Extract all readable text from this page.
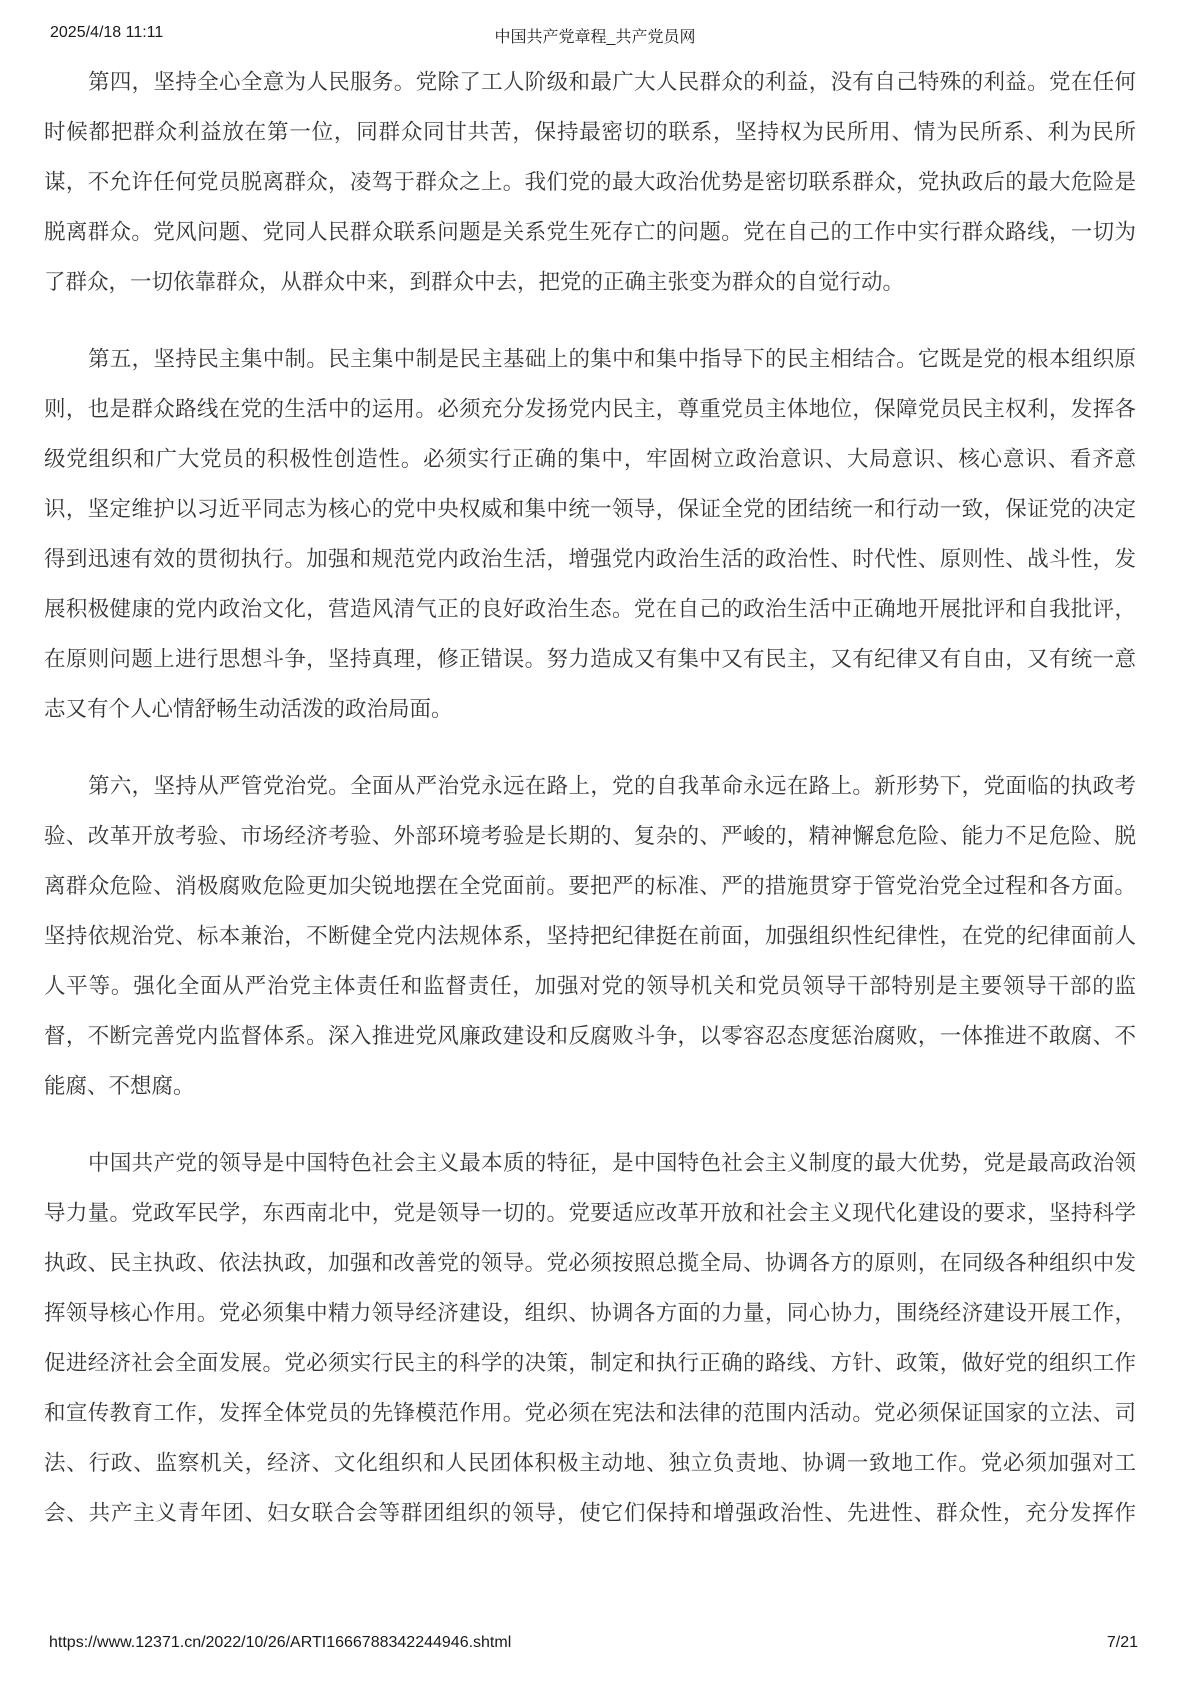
2025/4/18 11:11	中国共产党章程_共产党员网
第四，坚持全心全意为人民服务。党除了工人阶级和最广大人民群众的利益，没有自己特殊的利益。党在任何
时候都把群众利益放在第一位，同群众同甘共苦，保持最密切的联系，坚持权为民所用、情为民所系、利为民所
谋，不允许任何党员脱离群众，凌驾于群众之上。我们党的最大政治优势是密切联系群众，党执政后的最大危险是
脱离群众。党风问题、党同人民群众联系问题是关系党生死存亡的问题。党在自己的工作中实行群众路线，一切为
了群众，一切依靠群众，从群众中来，到群众中去，把党的正确主张变为群众的自觉行动。
第五，坚持民主集中制。民主集中制是民主基础上的集中和集中指导下的民主相结合。它既是党的根本组织原
则，也是群众路线在党的生活中的运用。必须充分发扬党内民主，尊重党员主体地位，保障党员民主权利，发挥各
级党组织和广大党员的积极性创造性。必须实行正确的集中，牢固树立政治意识、大局意识、核心意识、看齐意
识，坚定维护以习近平同志为核心的党中央权威和集中统一领导，保证全党的团结统一和行动一致，保证党的决定
得到迅速有效的贯彻执行。加强和规范党内政治生活，增强党内政治生活的政治性、时代性、原则性、战斗性，发
展积极健康的党内政治文化，营造风清气正的良好政治生态。党在自己的政治生活中正确地开展批评和自我批评，
在原则问题上进行思想斗争，坚持真理，修正错误。努力造成又有集中又有民主，又有纪律又有自由，又有统一意
志又有个人心情舒畅生动活泼的政治局面。
第六，坚持从严管党治党。全面从严治党永远在路上，党的自我革命永远在路上。新形势下，党面临的执政考
验、改革开放考验、市场经济考验、外部环境考验是长期的、复杂的、严峻的，精神懈怠危险、能力不足危险、脱
离群众危险、消极腐败危险更加尖锐地摆在全党面前。要把严的标准、严的措施贯穿于管党治党全过程和各方面。
坚持依规治党、标本兼治，不断健全党内法规体系，坚持把纪律挺在前面，加强组织性纪律性，在党的纪律面前人
人平等。强化全面从严治党主体责任和监督责任，加强对党的领导机关和党员领导干部特别是主要领导干部的监
督，不断完善党内监督体系。深入推进党风廉政建设和反腐败斗争，以零容忍态度惩治腐败，一体推进不敢腐、不
能腐、不想腐。
中国共产党的领导是中国特色社会主义最本质的特征，是中国特色社会主义制度的最大优势，党是最高政治领
导力量。党政军民学，东西南北中，党是领导一切的。党要适应改革开放和社会主义现代化建设的要求，坚持科学
执政、民主执政、依法执政，加强和改善党的领导。党必须按照总揽全局、协调各方的原则，在同级各种组织中发
挥领导核心作用。党必须集中精力领导经济建设，组织、协调各方面的力量，同心协力，围绕经济建设开展工作，
促进经济社会全面发展。党必须实行民主的科学的决策，制定和执行正确的路线、方针、政策，做好党的组织工作
和宣传教育工作，发挥全体党员的先锋模范作用。党必须在宪法和法律的范围内活动。党必须保证国家的立法、司
法、行政、监察机关，经济、文化组织和人民团体积极主动地、独立负责地、协调一致地工作。党必须加强对工
会、共产主义青年团、妇女联合会等群团组织的领导，使它们保持和增强政治性、先进性、群众性，充分发挥作
https://www.12371.cn/2022/10/26/ARTI1666788342244946.shtml	7/21
